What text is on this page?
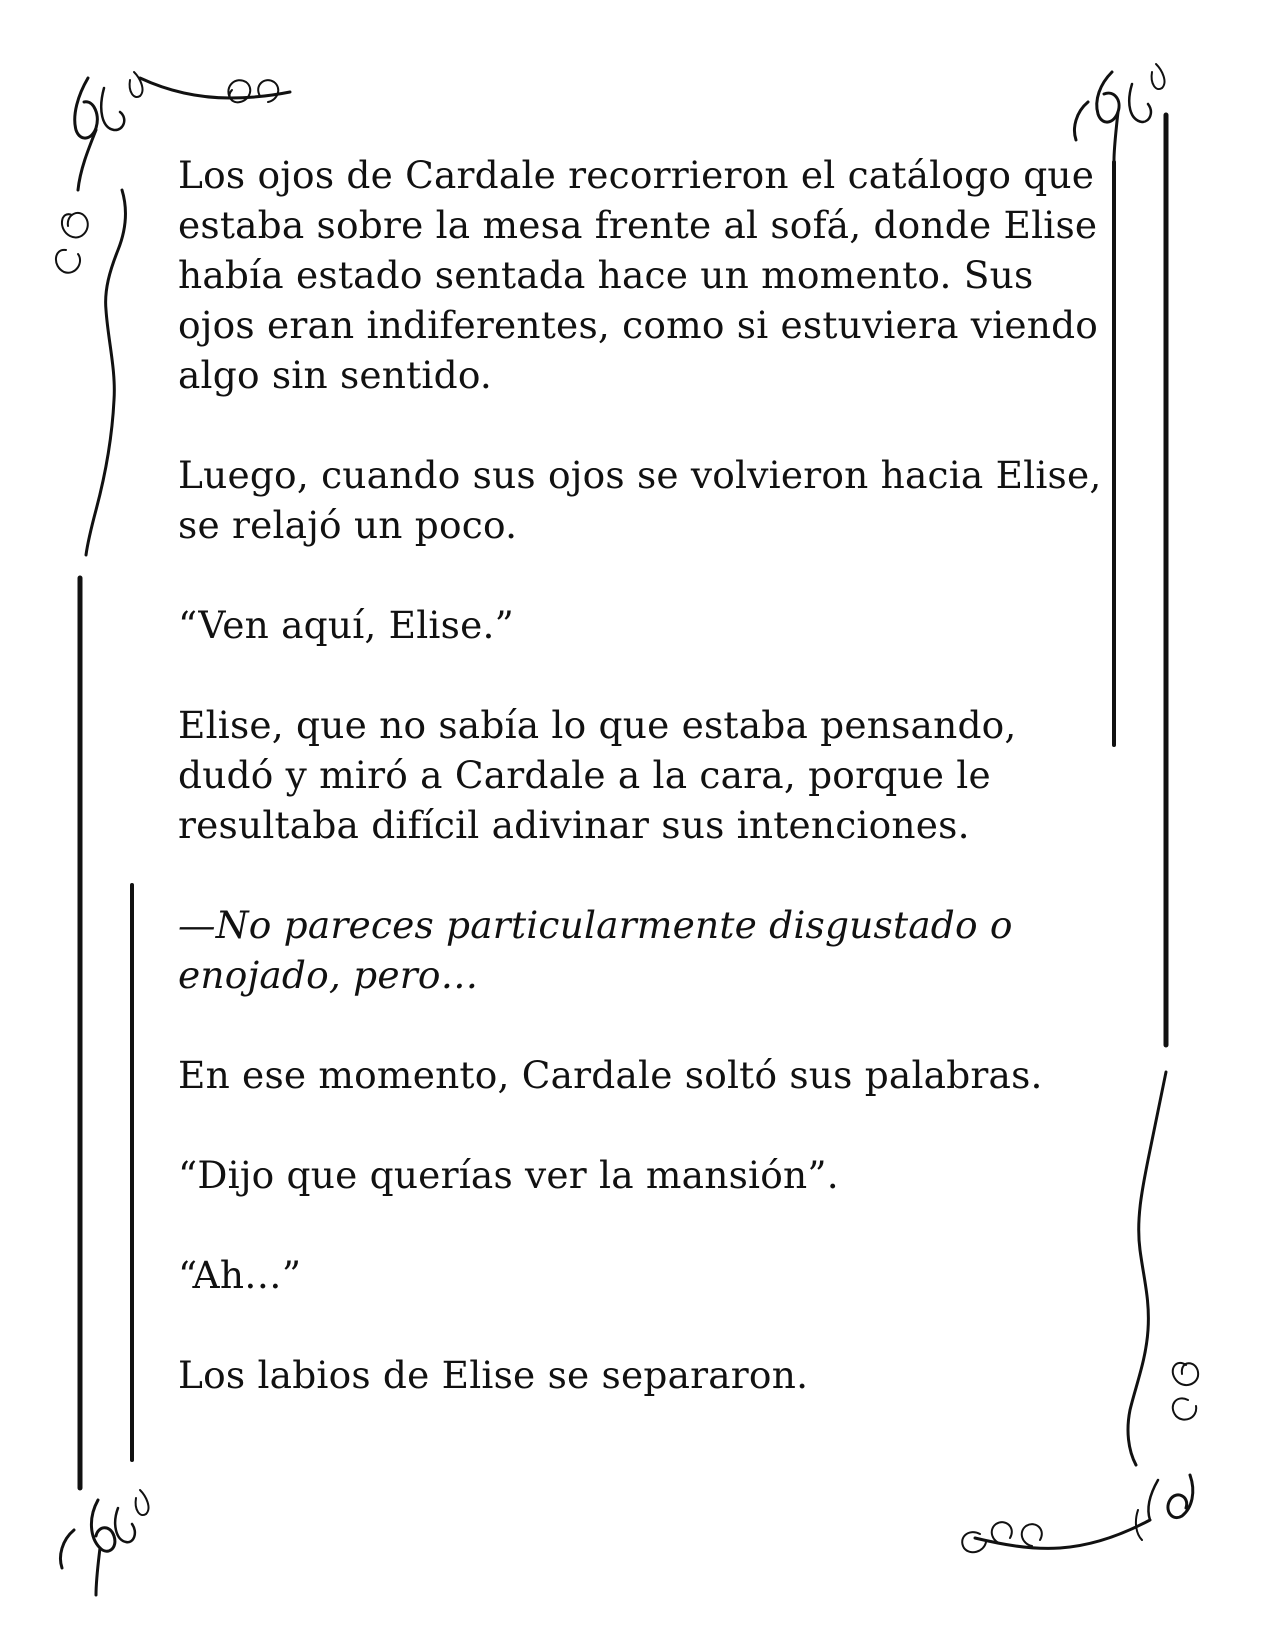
Los ojos de Cardale recorrieron el catálogo que estaba sobre la mesa frente al sofá, donde Elise había estado sentada hace un momento. Sus ojos eran indiferentes, como si estuviera viendo algo sin sentido.

Luego, cuando sus ojos se volvieron hacia Elise, se relajó un poco.

“Ven aquí, Elise.”

Elise, que no sabía lo que estaba pensando, dudó y miró a Cardale a la cara, porque le resultaba difícil adivinar sus intenciones.

—No pareces particularmente disgustado o enojado, pero…

En ese momento, Cardale soltó sus palabras.

“Dijo que querías ver la mansión”.

“Ah…”

Los labios de Elise se separaron.
